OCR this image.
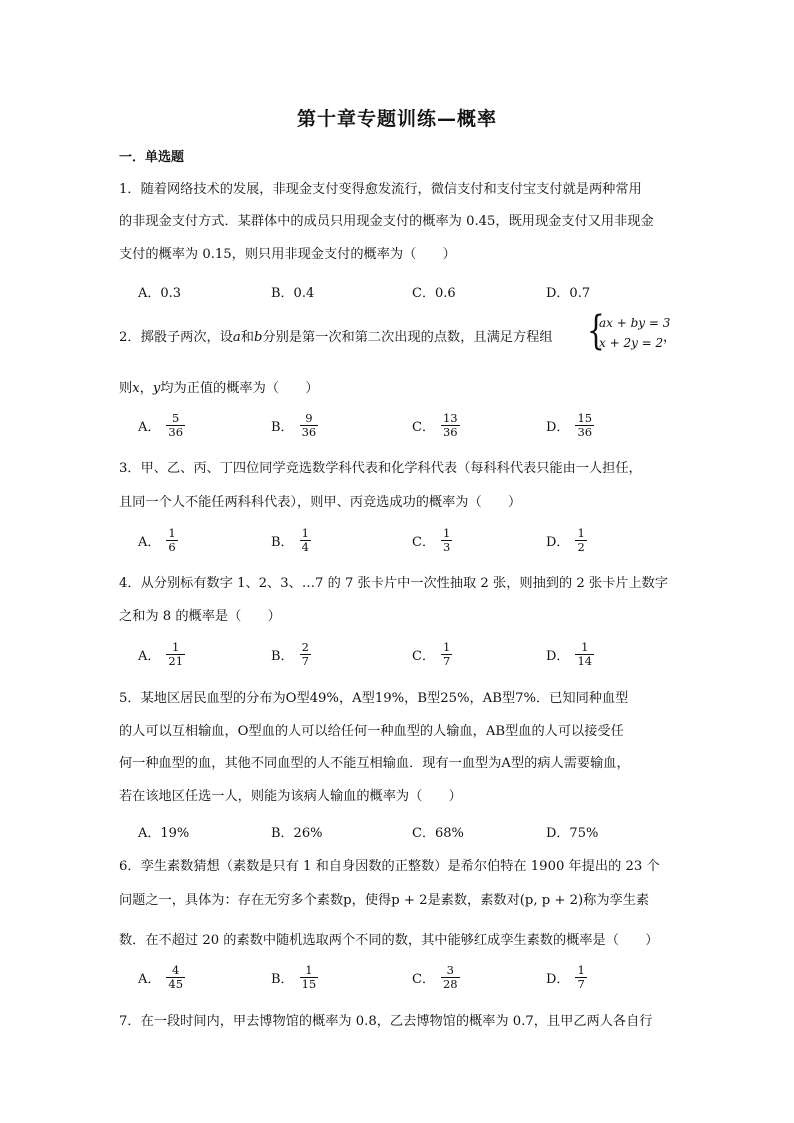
第十章专题训练—概率
一．单选题
1．随着网络技术的发展，非现金支付变得愈发流行，微信支付和支付宝支付就是两种常用
的非现金支付方式．某群体中的成员只用现金支付的概率为 0.45，既用现金支付又用非现金
支付的概率为 0.15，则只用非现金支付的概率为（　　）
A．0.3	B．0.4	C．0.6	D．0.7
2．掷骰子两次，设a和b分别是第一次和第二次出现的点数，且满足方程组 {
ax + by = 3
x + 2y = 2 ，
则x，y均为正值的概率为（　　）
A． $\frac{5}{36}$	B． $\frac{9}{36}$	C． $\frac{13}{36}$	D． $\frac{15}{36}$
3．甲、乙、丙、丁四位同学竞选数学科代表和化学科代表（每科科代表只能由一人担任，
且同一个人不能任两科科代表），则甲、丙竞选成功的概率为（　　）
A． $\frac{1}{6}$	B． $\frac{1}{4}$	C． $\frac{1}{3}$	D． $\frac{1}{2}$
4．从分别标有数字 1、2、3、…7 的 7 张卡片中一次性抽取 2 张，则抽到的 2 张卡片上数字
之和为 8 的概率是（　　）
A． $\frac{1}{21}$	B． $\frac{2}{7}$	C． $\frac{1}{7}$	D． $\frac{1}{14}$
5．某地区居民血型的分布为O型49%，A型19%，B型25%，AB型7%．已知同种血型
的人可以互相输血，O型血的人可以给任何一种血型的人输血，AB型血的人可以接受任
何一种血型的血，其他不同血型的人不能互相输血．现有一血型为A型的病人需要输血，
若在该地区任选一人，则能为该病人输血的概率为（　　）
A．19%	B．26%	C．68%	D．75%
6．孪生素数猜想（素数是只有 1 和自身因数的正整数）是希尔伯特在 1900 年提出的 23 个
问题之一，具体为：存在无穷多个素数p，使得p + 2是素数，素数对(p, p + 2)称为孪生素
数．在不超过 20 的素数中随机选取两个不同的数，其中能够红成孪生素数的概率是（　　）
A． $\frac{4}{45}$	B． $\frac{1}{15}$	C． $\frac{3}{28}$	D． $\frac{1}{7}$
7．在一段时间内，甲去博物馆的概率为 0.8，乙去博物馆的概率为 0.7，且甲乙两人各自行
